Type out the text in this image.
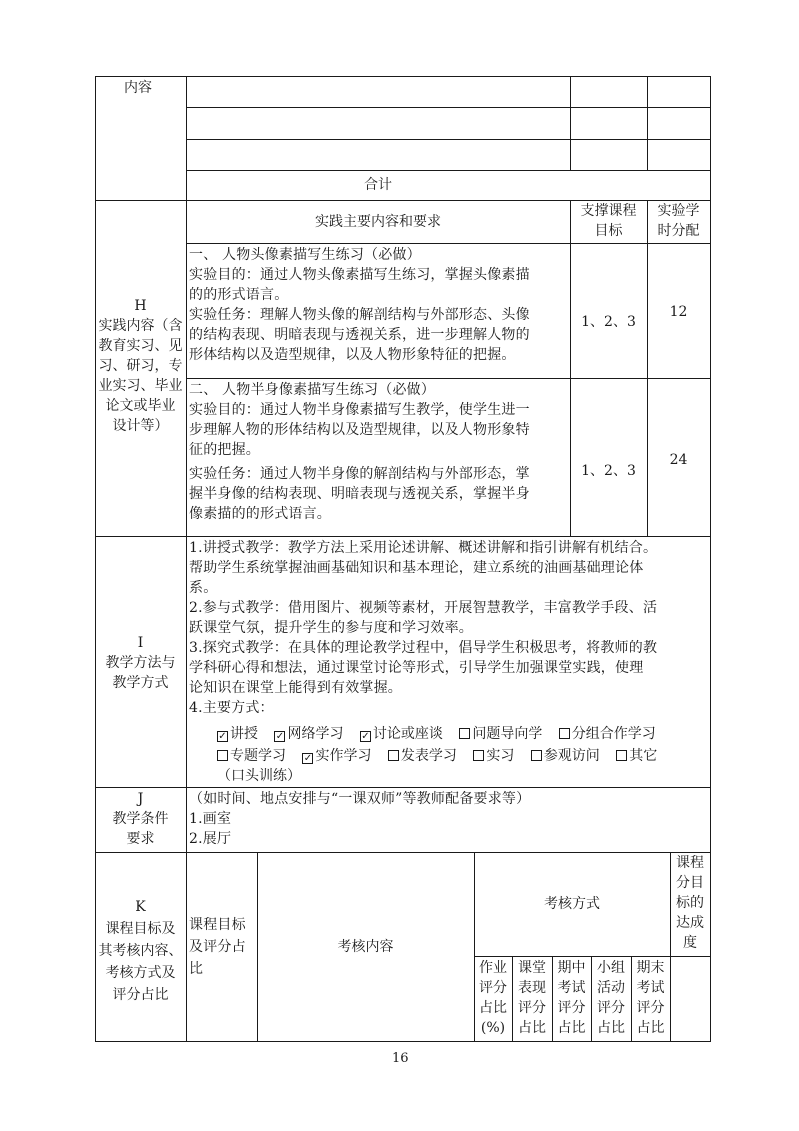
内容
合计
H
实践内容（含
教育实习、见
习、研习，专
业实习、毕业
论文或毕业
设计等）
实践主要内容和要求
支撑课程
目标
实验学
时分配
一、 人物头像素描写生练习（必做）
实验目的：通过人物头像素描写生练习，掌握头像素描
的的形式语言。
实验任务：理解人物头像的解剖结构与外部形态、头像
的结构表现、明暗表现与透视关系，进一步理解人物的
形体结构以及造型规律，以及人物形象特征的把握。
1、2、3
12
二、 人物半身像素描写生练习（必做）
实验目的：通过人物半身像素描写生教学，使学生进一
步理解人物的形体结构以及造型规律，以及人物形象特
征的把握。
实验任务：通过人物半身像的解剖结构与外部形态，掌
握半身像的结构表现、明暗表现与透视关系，掌握半身
像素描的的形式语言。
1、2、3
24
I
教学方法与
教学方式
1.讲授式教学：教学方法上采用论述讲解、概述讲解和指引讲解有机结合。
帮助学生系统掌握油画基础知识和基本理论，建立系统的油画基础理论体
系。
2.参与式教学：借用图片、视频等素材，开展智慧教学，丰富教学手段、活
跃课堂气氛，提升学生的参与度和学习效率。
3.探究式教学：在具体的理论教学过程中，倡导学生积极思考，将教师的教
学科研心得和想法，通过课堂讨论等形式，引导学生加强课堂实践，使理
论知识在课堂上能得到有效掌握。
4.主要方式：
✓ 讲授 ✓ 网络学习 ✓ 讨论或座谈 问题导向学 分组合作学习
专题学习 ✓ 实作学习 发表学习 实习 参观访问 其它
（口头训练）
J
教学条件
要求
（如时间、地点安排与“一课双师”等教师配备要求等）
1.画室
2.展厅
K
课程目标及
其考核内容、
考核方式及
评分占比
课程目标
及评分占
比
考核内容
考核方式
课程
分目
标的
达成
度
作业
评分
占比
(%)
课堂
表现
评分
占比
期中
考试
评分
占比
小组
活动
评分
占比
期末
考试
评分
占比
16
